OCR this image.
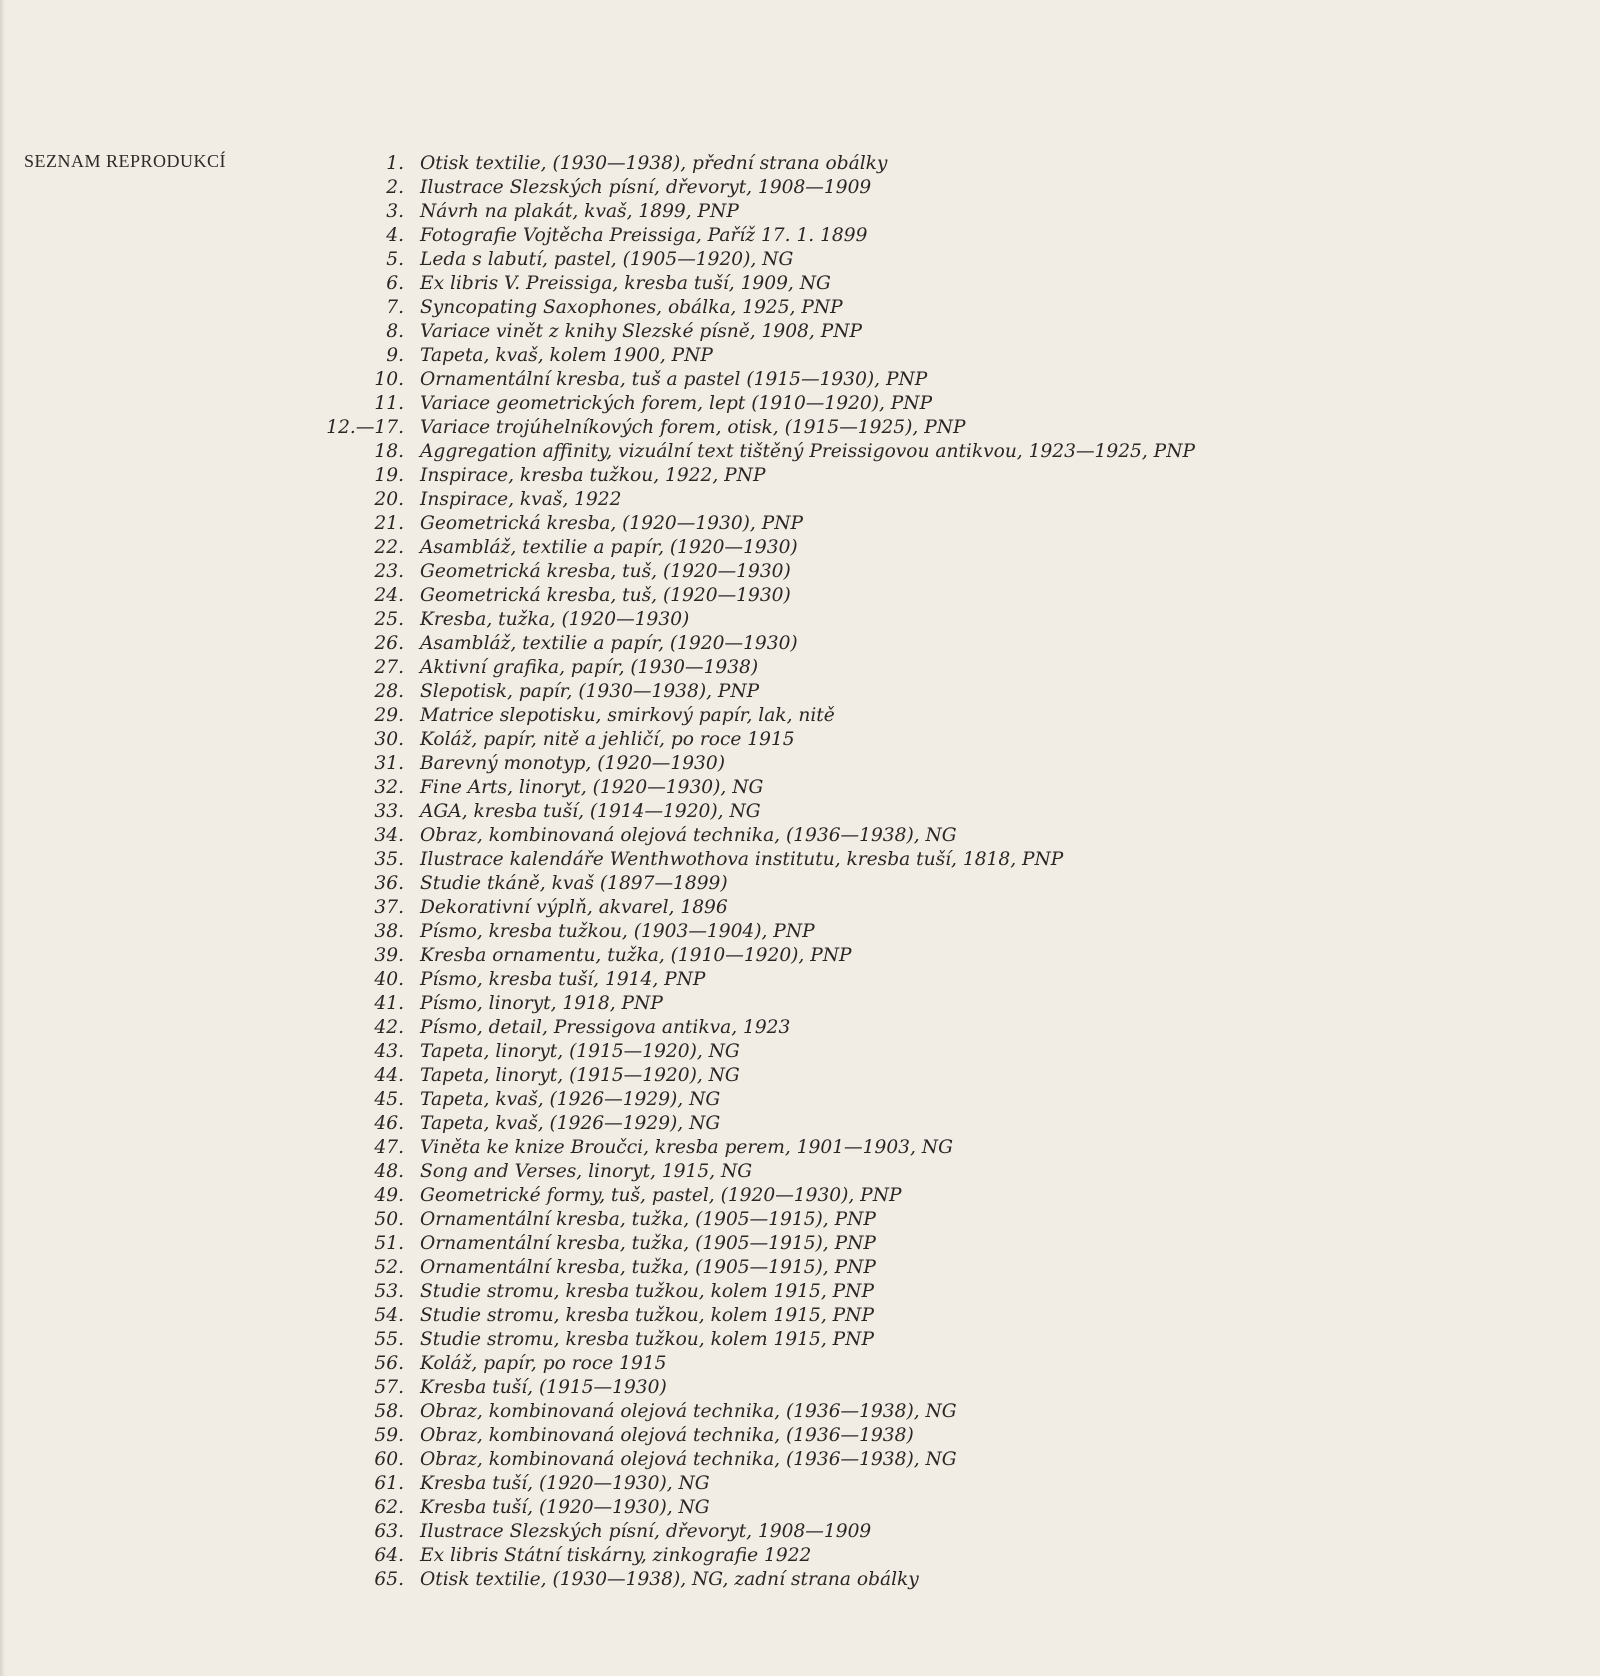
SEZNAM REPRODUKCÍ	1. Otisk textilie, (1930—1938), přední strana obálky
2. Ilustrace Slezských písní, dřevoryt, 1908—1909
3. Návrh na plakát, kvaš, 1899, PNP
4. Fotografie Vojtěcha Preissiga, Paříž 17. 1. 1899
5. Leda s labutí, pastel, (1905—1920), NG
6. Ex libris V. Preissiga, kresba tuší, 1909, NG
7. Syncopating Saxophones, obálka, 1925, PNP
8. Variace vinět z knihy Slezské písně, 1908, PNP
9. Tapeta, kvaš, kolem 1900, PNP
10. Ornamentální kresba, tuš a pastel (1915—1930), PNP
11. Variace geometrických forem, lept (1910—1920), PNP
12.—17. Variace trojúhelníkových forem, otisk, (1915—1925), PNP
18. Aggregation affinity, vizuální text tištěný Preissigovou antikvou, 1923—1925, PNP
19. Inspirace, kresba tužkou, 1922, PNP
20. Inspirace, kvaš, 1922
21. Geometrická kresba, (1920—1930), PNP
22. Asambláž, textilie a papír, (1920—1930)
23. Geometrická kresba, tuš, (1920—1930)
24. Geometrická kresba, tuš, (1920—1930)
25. Kresba, tužka, (1920—1930)
26. Asambláž, textilie a papír, (1920—1930)
27. Aktivní grafika, papír, (1930—1938)
28. Slepotisk, papír, (1930—1938), PNP
29. Matrice slepotisku, smirkový papír, lak, nitě
30. Koláž, papír, nitě a jehličí, po roce 1915
31. Barevný monotyp, (1920—1930)
32. Fine Arts, linoryt, (1920—1930), NG
33. AGA, kresba tuší, (1914—1920), NG
34. Obraz, kombinovaná olejová technika, (1936—1938), NG
35. Ilustrace kalendáře Wenthwothova institutu, kresba tuší, 1818, PNP
36. Studie tkáně, kvaš (1897—1899)
37. Dekorativní výplň, akvarel, 1896
38. Písmo, kresba tužkou, (1903—1904), PNP
39. Kresba ornamentu, tužka, (1910—1920), PNP
40. Písmo, kresba tuší, 1914, PNP
41. Písmo, linoryt, 1918, PNP
42. Písmo, detail, Pressigova antikva, 1923
43. Tapeta, linoryt, (1915—1920), NG
44. Tapeta, linoryt, (1915—1920), NG
45. Tapeta, kvaš, (1926—1929), NG
46. Tapeta, kvaš, (1926—1929), NG
47. Viněta ke knize Broučci, kresba perem, 1901—1903, NG
48. Song and Verses, linoryt, 1915, NG
49. Geometrické formy, tuš, pastel, (1920—1930), PNP
50. Ornamentální kresba, tužka, (1905—1915), PNP
51. Ornamentální kresba, tužka, (1905—1915), PNP
52. Ornamentální kresba, tužka, (1905—1915), PNP
53. Studie stromu, kresba tužkou, kolem 1915, PNP
54. Studie stromu, kresba tužkou, kolem 1915, PNP
55. Studie stromu, kresba tužkou, kolem 1915, PNP
56. Koláž, papír, po roce 1915
57. Kresba tuší, (1915—1930)
58. Obraz, kombinovaná olejová technika, (1936—1938), NG
59. Obraz, kombinovaná olejová technika, (1936—1938)
60. Obraz, kombinovaná olejová technika, (1936—1938), NG
61. Kresba tuší, (1920—1930), NG
62. Kresba tuší, (1920—1930), NG
63. Ilustrace Slezských písní, dřevoryt, 1908—1909
64. Ex libris Státní tiskárny, zinkografie 1922
65. Otisk textilie, (1930—1938), NG, zadní strana obálky
